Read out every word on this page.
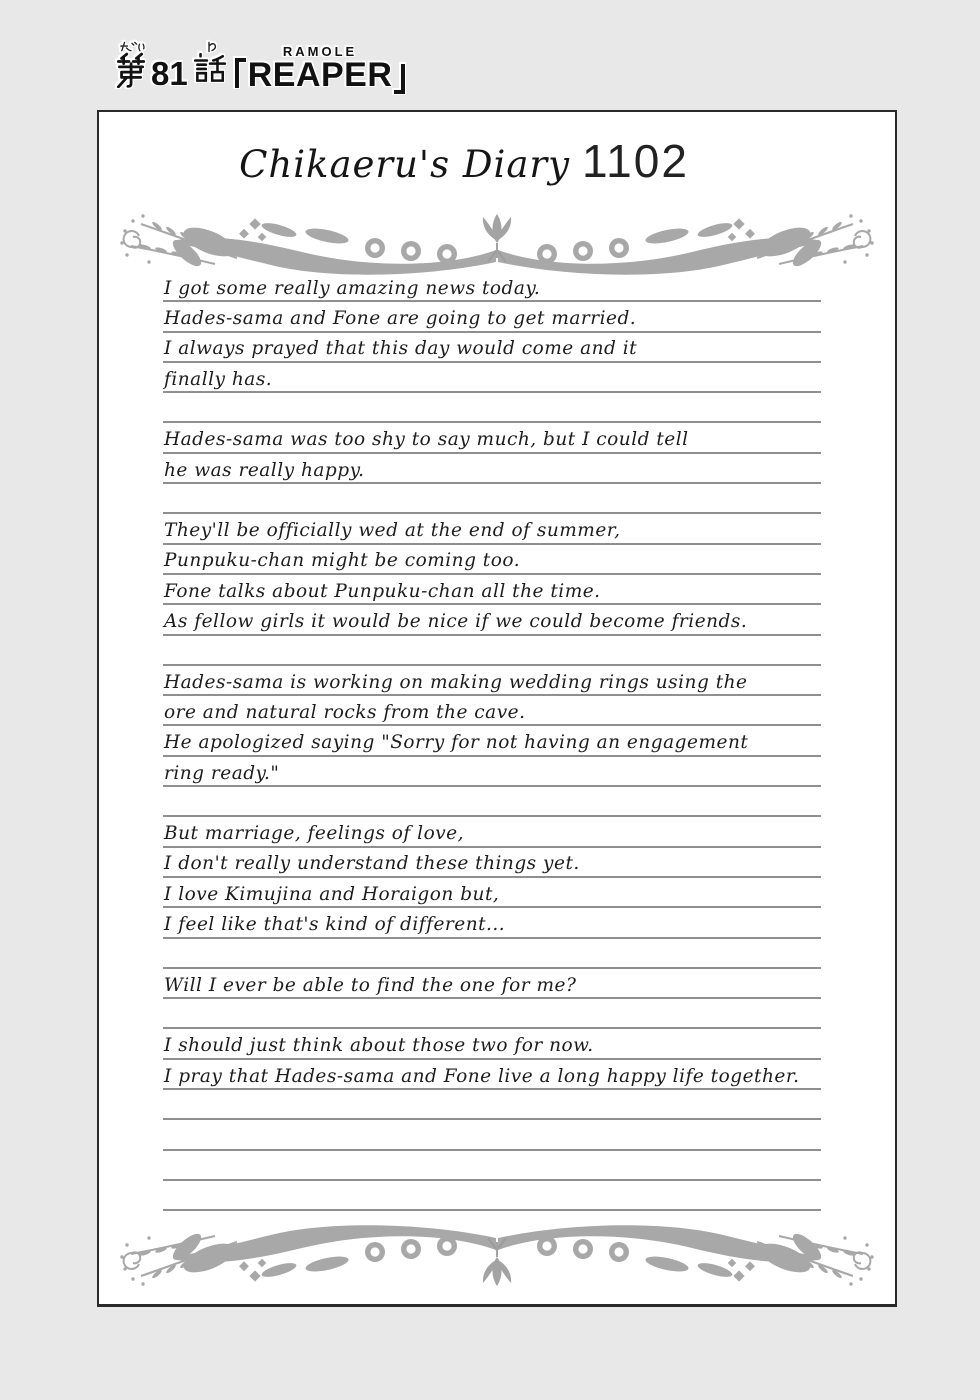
81

RAMOLE
REAPER
Chikaeru's Diary 1102
I got some really amazing news today.
Hades-sama and Fone are going to get married.
I always prayed that this day would come and it
finally has.
Hades-sama was too shy to say much, but I could tell
he was really happy.
They'll be officially wed at the end of summer,
Punpuku-chan might be coming too.
Fone talks about Punpuku-chan all the time.
As fellow girls it would be nice if we could become friends.
Hades-sama is working on making wedding rings using the
ore and natural rocks from the cave.
He apologized saying "Sorry for not having an engagement
ring ready."
But marriage, feelings of love,
I don't really understand these things yet.
I love Kimujina and Horaigon but,
I feel like that's kind of different...
Will I ever be able to find the one for me?
I should just think about those two for now.
I pray that Hades-sama and Fone live a long happy life together.
